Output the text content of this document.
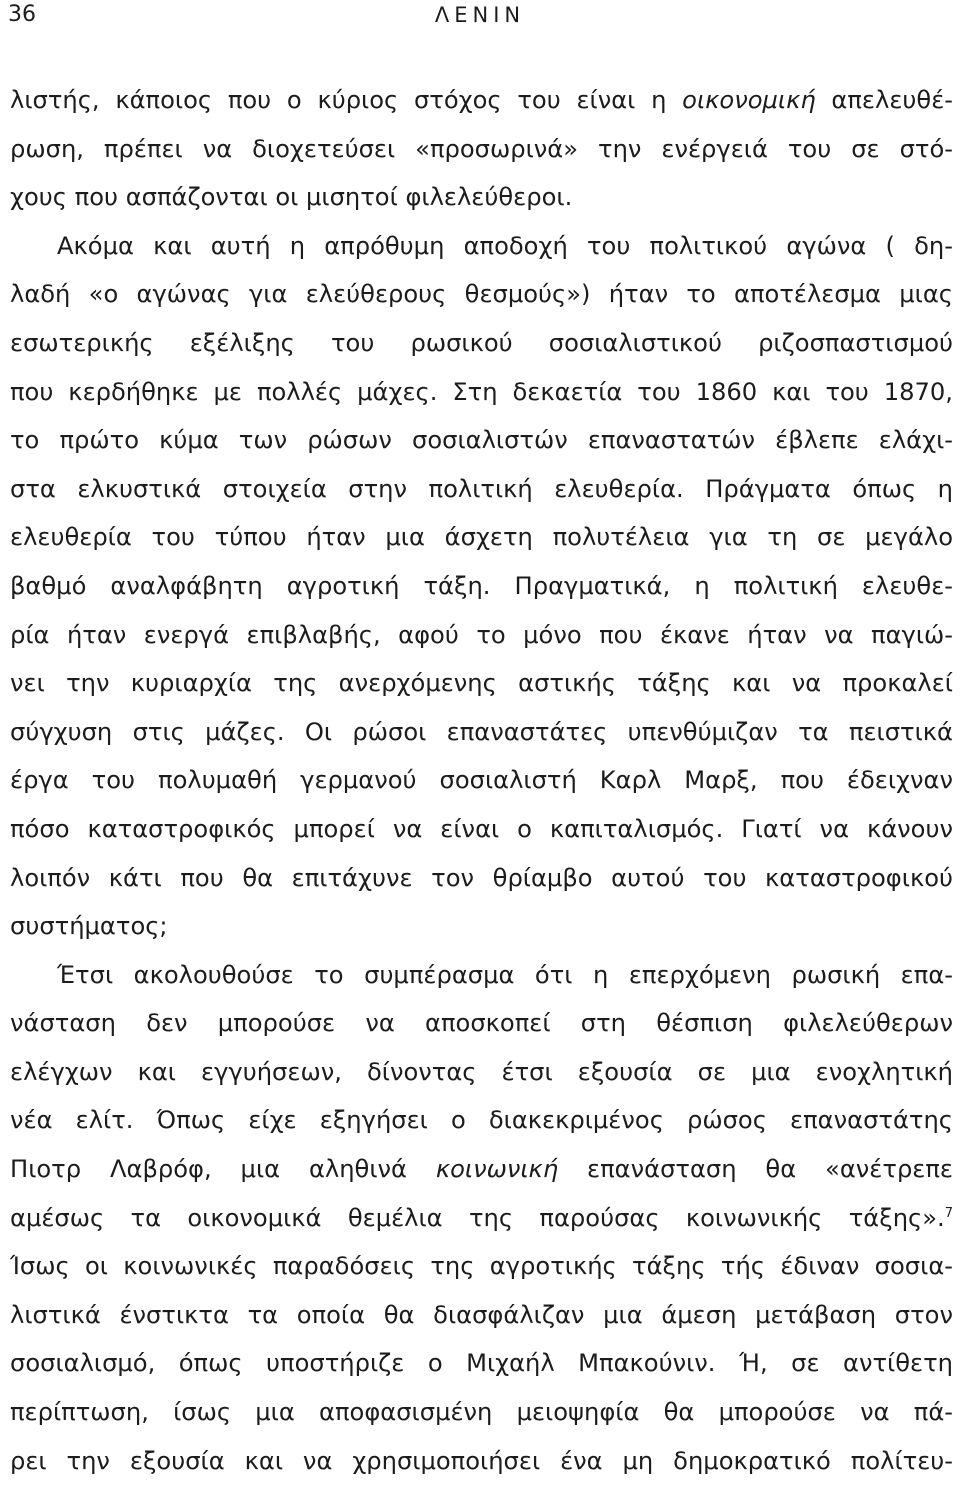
36	ΛΕΝΙΝ
λιστής, κάποιος που ο κύριος στόχος του είναι η οικονομική απελευθέ-
ρωση, πρέπει να διοχετεύσει «προσωρινά» την ενέργειά του σε στό-
χους που ασπάζονται οι μισητοί φιλελεύθεροι.
Ακόμα και αυτή η απρόθυμη αποδοχή του πολιτικού αγώνα ( δη-
λαδή «ο αγώνας για ελεύθερους θεσμούς») ήταν το αποτέλεσμα μιας
εσωτερικής εξέλιξης του ρωσικού σοσιαλιστικού ριζοσπαστισμού
που κερδήθηκε με πολλές μάχες. Στη δεκαετία του 1860 και του 1870,
το πρώτο κύμα των ρώσων σοσιαλιστών επαναστατών έβλεπε ελάχι-
στα ελκυστικά στοιχεία στην πολιτική ελευθερία. Πράγματα όπως η
ελευθερία του τύπου ήταν μια άσχετη πολυτέλεια για τη σε μεγάλο
βαθμό αναλφάβητη αγροτική τάξη. Πραγματικά, η πολιτική ελευθε-
ρία ήταν ενεργά επιβλαβής, αφού το μόνο που έκανε ήταν να παγιώ-
νει την κυριαρχία της ανερχόμενης αστικής τάξης και να προκαλεί
σύγχυση στις μάζες. Οι ρώσοι επαναστάτες υπενθύμιζαν τα πειστικά
έργα του πολυμαθή γερμανού σοσιαλιστή Καρλ Μαρξ, που έδειχναν
πόσο καταστροφικός μπορεί να είναι ο καπιταλισμός. Γιατί να κάνουν
λοιπόν κάτι που θα επιτάχυνε τον θρίαμβο αυτού του καταστροφικού
συστήματος;
Έτσι ακολουθούσε το συμπέρασμα ότι η επερχόμενη ρωσική επα-
νάσταση δεν μπορούσε να αποσκοπεί στη θέσπιση φιλελεύθερων
ελέγχων και εγγυήσεων, δίνοντας έτσι εξουσία σε μια ενοχλητική
νέα ελίτ. Όπως είχε εξηγήσει ο διακεκριμένος ρώσος επαναστάτης
Πιοτρ Λαβρόφ, μια αληθινά κοινωνική επανάσταση θα «ανέτρεπε
αμέσως τα οικονομικά θεμέλια της παρούσας κοινωνικής τάξης».$^7$
Ίσως οι κοινωνικές παραδόσεις της αγροτικής τάξης τής έδιναν σοσια-
λιστικά ένστικτα τα οποία θα διασφάλιζαν μια άμεση μετάβαση στον
σοσιαλισμό, όπως υποστήριζε ο Μιχαήλ Μπακούνιν. Ή, σε αντίθετη
περίπτωση, ίσως μια αποφασισμένη μειοψηφία θα μπορούσε να πά-
ρει την εξουσία και να χρησιμοποιήσει ένα μη δημοκρατικό πολίτευ-
